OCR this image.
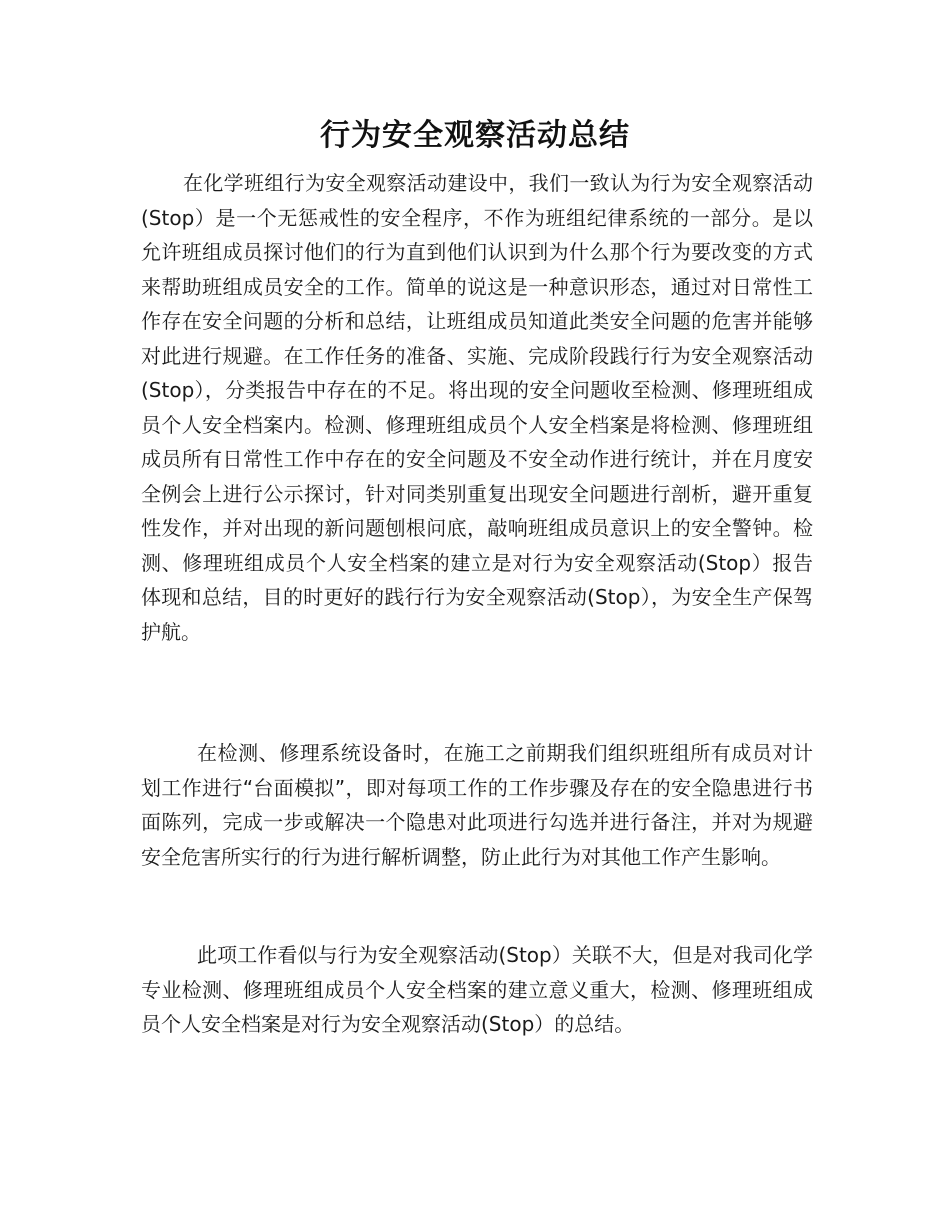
行为安全观察活动总结

在化学班组行为安全观察活动建设中，我们一致认为行为安全观察活动(Stop）是一个无惩戒性的安全程序，不作为班组纪律系统的一部分。是以允许班组成员探讨他们的行为直到他们认识到为什么那个行为要改变的方式来帮助班组成员安全的工作。简单的说这是一种意识形态，通过对日常性工作存在安全问题的分析和总结，让班组成员知道此类安全问题的危害并能够对此进行规避。在工作任务的准备、实施、完成阶段践行行为安全观察活动(Stop），分类报告中存在的不足。将出现的安全问题收至检测、修理班组成员个人安全档案内。检测、修理班组成员个人安全档案是将检测、修理班组成员所有日常性工作中存在的安全问题及不安全动作进行统计，并在月度安全例会上进行公示探讨，针对同类别重复出现安全问题进行剖析，避开重复性发作，并对出现的新问题刨根问底，敲响班组成员意识上的安全警钟。检测、修理班组成员个人安全档案的建立是对行为安全观察活动(Stop）报告体现和总结，目的时更好的践行行为安全观察活动(Stop），为安全生产保驾护航。

在检测、修理系统设备时，在施工之前期我们组织班组所有成员对计划工作进行“台面模拟”，即对每项工作的工作步骤及存在的安全隐患进行书面陈列，完成一步或解决一个隐患对此项进行勾选并进行备注，并对为规避安全危害所实行的行为进行解析调整，防止此行为对其他工作产生影响。

此项工作看似与行为安全观察活动(Stop）关联不大，但是对我司化学专业检测、修理班组成员个人安全档案的建立意义重大，检测、修理班组成员个人安全档案是对行为安全观察活动(Stop）的总结。
